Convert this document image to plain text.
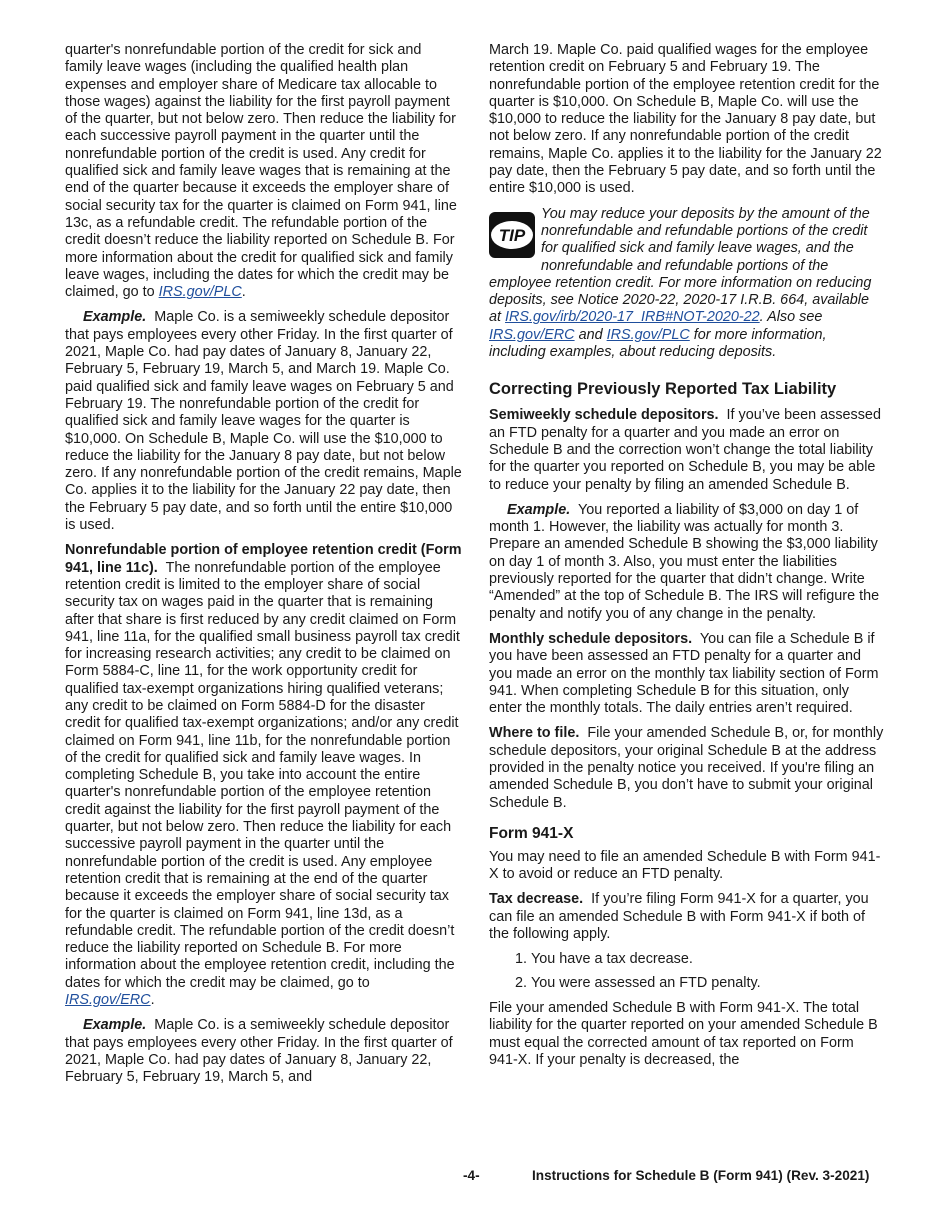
quarter's nonrefundable portion of the credit for sick and family leave wages (including the qualified health plan expenses and employer share of Medicare tax allocable to those wages) against the liability for the first payroll payment of the quarter, but not below zero. Then reduce the liability for each successive payroll payment in the quarter until the nonrefundable portion of the credit is used. Any credit for qualified sick and family leave wages that is remaining at the end of the quarter because it exceeds the employer share of social security tax for the quarter is claimed on Form 941, line 13c, as a refundable credit. The refundable portion of the credit doesn’t reduce the liability reported on Schedule B. For more information about the credit for qualified sick and family leave wages, including the dates for which the credit may be claimed, go to IRS.gov/PLC.

Example. Maple Co. is a semiweekly schedule depositor that pays employees every other Friday. In the first quarter of 2021, Maple Co. had pay dates of January 8, January 22, February 5, February 19, March 5, and March 19. Maple Co. paid qualified sick and family leave wages on February 5 and February 19. The nonrefundable portion of the credit for qualified sick and family leave wages for the quarter is $10,000. On Schedule B, Maple Co. will use the $10,000 to reduce the liability for the January 8 pay date, but not below zero. If any nonrefundable portion of the credit remains, Maple Co. applies it to the liability for the January 22 pay date, then the February 5 pay date, and so forth until the entire $10,000 is used.

Nonrefundable portion of employee retention credit (Form 941, line 11c). The nonrefundable portion of the employee retention credit is limited to the employer share of social security tax on wages paid in the quarter that is remaining after that share is first reduced by any credit claimed on Form 941, line 11a, for the qualified small business payroll tax credit for increasing research activities; any credit to be claimed on Form 5884-C, line 11, for the work opportunity credit for qualified tax-exempt organizations hiring qualified veterans; any credit to be claimed on Form 5884-D for the disaster credit for qualified tax-exempt organizations; and/or any credit claimed on Form 941, line 11b, for the nonrefundable portion of the credit for qualified sick and family leave wages. In completing Schedule B, you take into account the entire quarter's nonrefundable portion of the employee retention credit against the liability for the first payroll payment of the quarter, but not below zero. Then reduce the liability for each successive payroll payment in the quarter until the nonrefundable portion of the credit is used. Any employee retention credit that is remaining at the end of the quarter because it exceeds the employer share of social security tax for the quarter is claimed on Form 941, line 13d, as a refundable credit. The refundable portion of the credit doesn’t reduce the liability reported on Schedule B. For more information about the employee retention credit, including the dates for which the credit may be claimed, go to IRS.gov/ERC.

Example. Maple Co. is a semiweekly schedule depositor that pays employees every other Friday. In the first quarter of 2021, Maple Co. had pay dates of January 8, January 22, February 5, February 19, March 5, and

March 19. Maple Co. paid qualified wages for the employee retention credit on February 5 and February 19. The nonrefundable portion of the employee retention credit for the quarter is $10,000. On Schedule B, Maple Co. will use the $10,000 to reduce the liability for the January 8 pay date, but not below zero. If any nonrefundable portion of the credit remains, Maple Co. applies it to the liability for the January 22 pay date, then the February 5 pay date, and so forth until the entire $10,000 is used.

TIP
You may reduce your deposits by the amount of the nonrefundable and refundable portions of the credit for qualified sick and family leave wages, and the nonrefundable and refundable portions of the employee retention credit. For more information on reducing deposits, see Notice 2020-22, 2020-17 I.R.B. 664, available at IRS.gov/irb/2020-17_IRB#NOT-2020-22. Also see IRS.gov/ERC and IRS.gov/PLC for more information, including examples, about reducing deposits.
Correcting Previously Reported Tax Liability

Semiweekly schedule depositors. If you’ve been assessed an FTD penalty for a quarter and you made an error on Schedule B and the correction won’t change the total liability for the quarter you reported on Schedule B, you may be able to reduce your penalty by filing an amended Schedule B.

Example. You reported a liability of $3,000 on day 1 of month 1. However, the liability was actually for month 3. Prepare an amended Schedule B showing the $3,000 liability on day 1 of month 3. Also, you must enter the liabilities previously reported for the quarter that didn’t change. Write “Amended” at the top of Schedule B. The IRS will refigure the penalty and notify you of any change in the penalty.

Monthly schedule depositors. You can file a Schedule B if you have been assessed an FTD penalty for a quarter and you made an error on the monthly tax liability section of Form 941. When completing Schedule B for this situation, only enter the monthly totals. The daily entries aren’t required.

Where to file. File your amended Schedule B, or, for monthly schedule depositors, your original Schedule B at the address provided in the penalty notice you received. If you're filing an amended Schedule B, you don’t have to submit your original Schedule B.

Form 941-X

You may need to file an amended Schedule B with Form 941-X to avoid or reduce an FTD penalty.

Tax decrease. If you’re filing Form 941-X for a quarter, you can file an amended Schedule B with Form 941-X if both of the following apply.

1. You have a tax decrease.
2. You were assessed an FTD penalty.

File your amended Schedule B with Form 941-X. The total liability for the quarter reported on your amended Schedule B must equal the corrected amount of tax reported on Form 941-X. If your penalty is decreased, the

-4-	Instructions for Schedule B (Form 941) (Rev. 3-2021)
